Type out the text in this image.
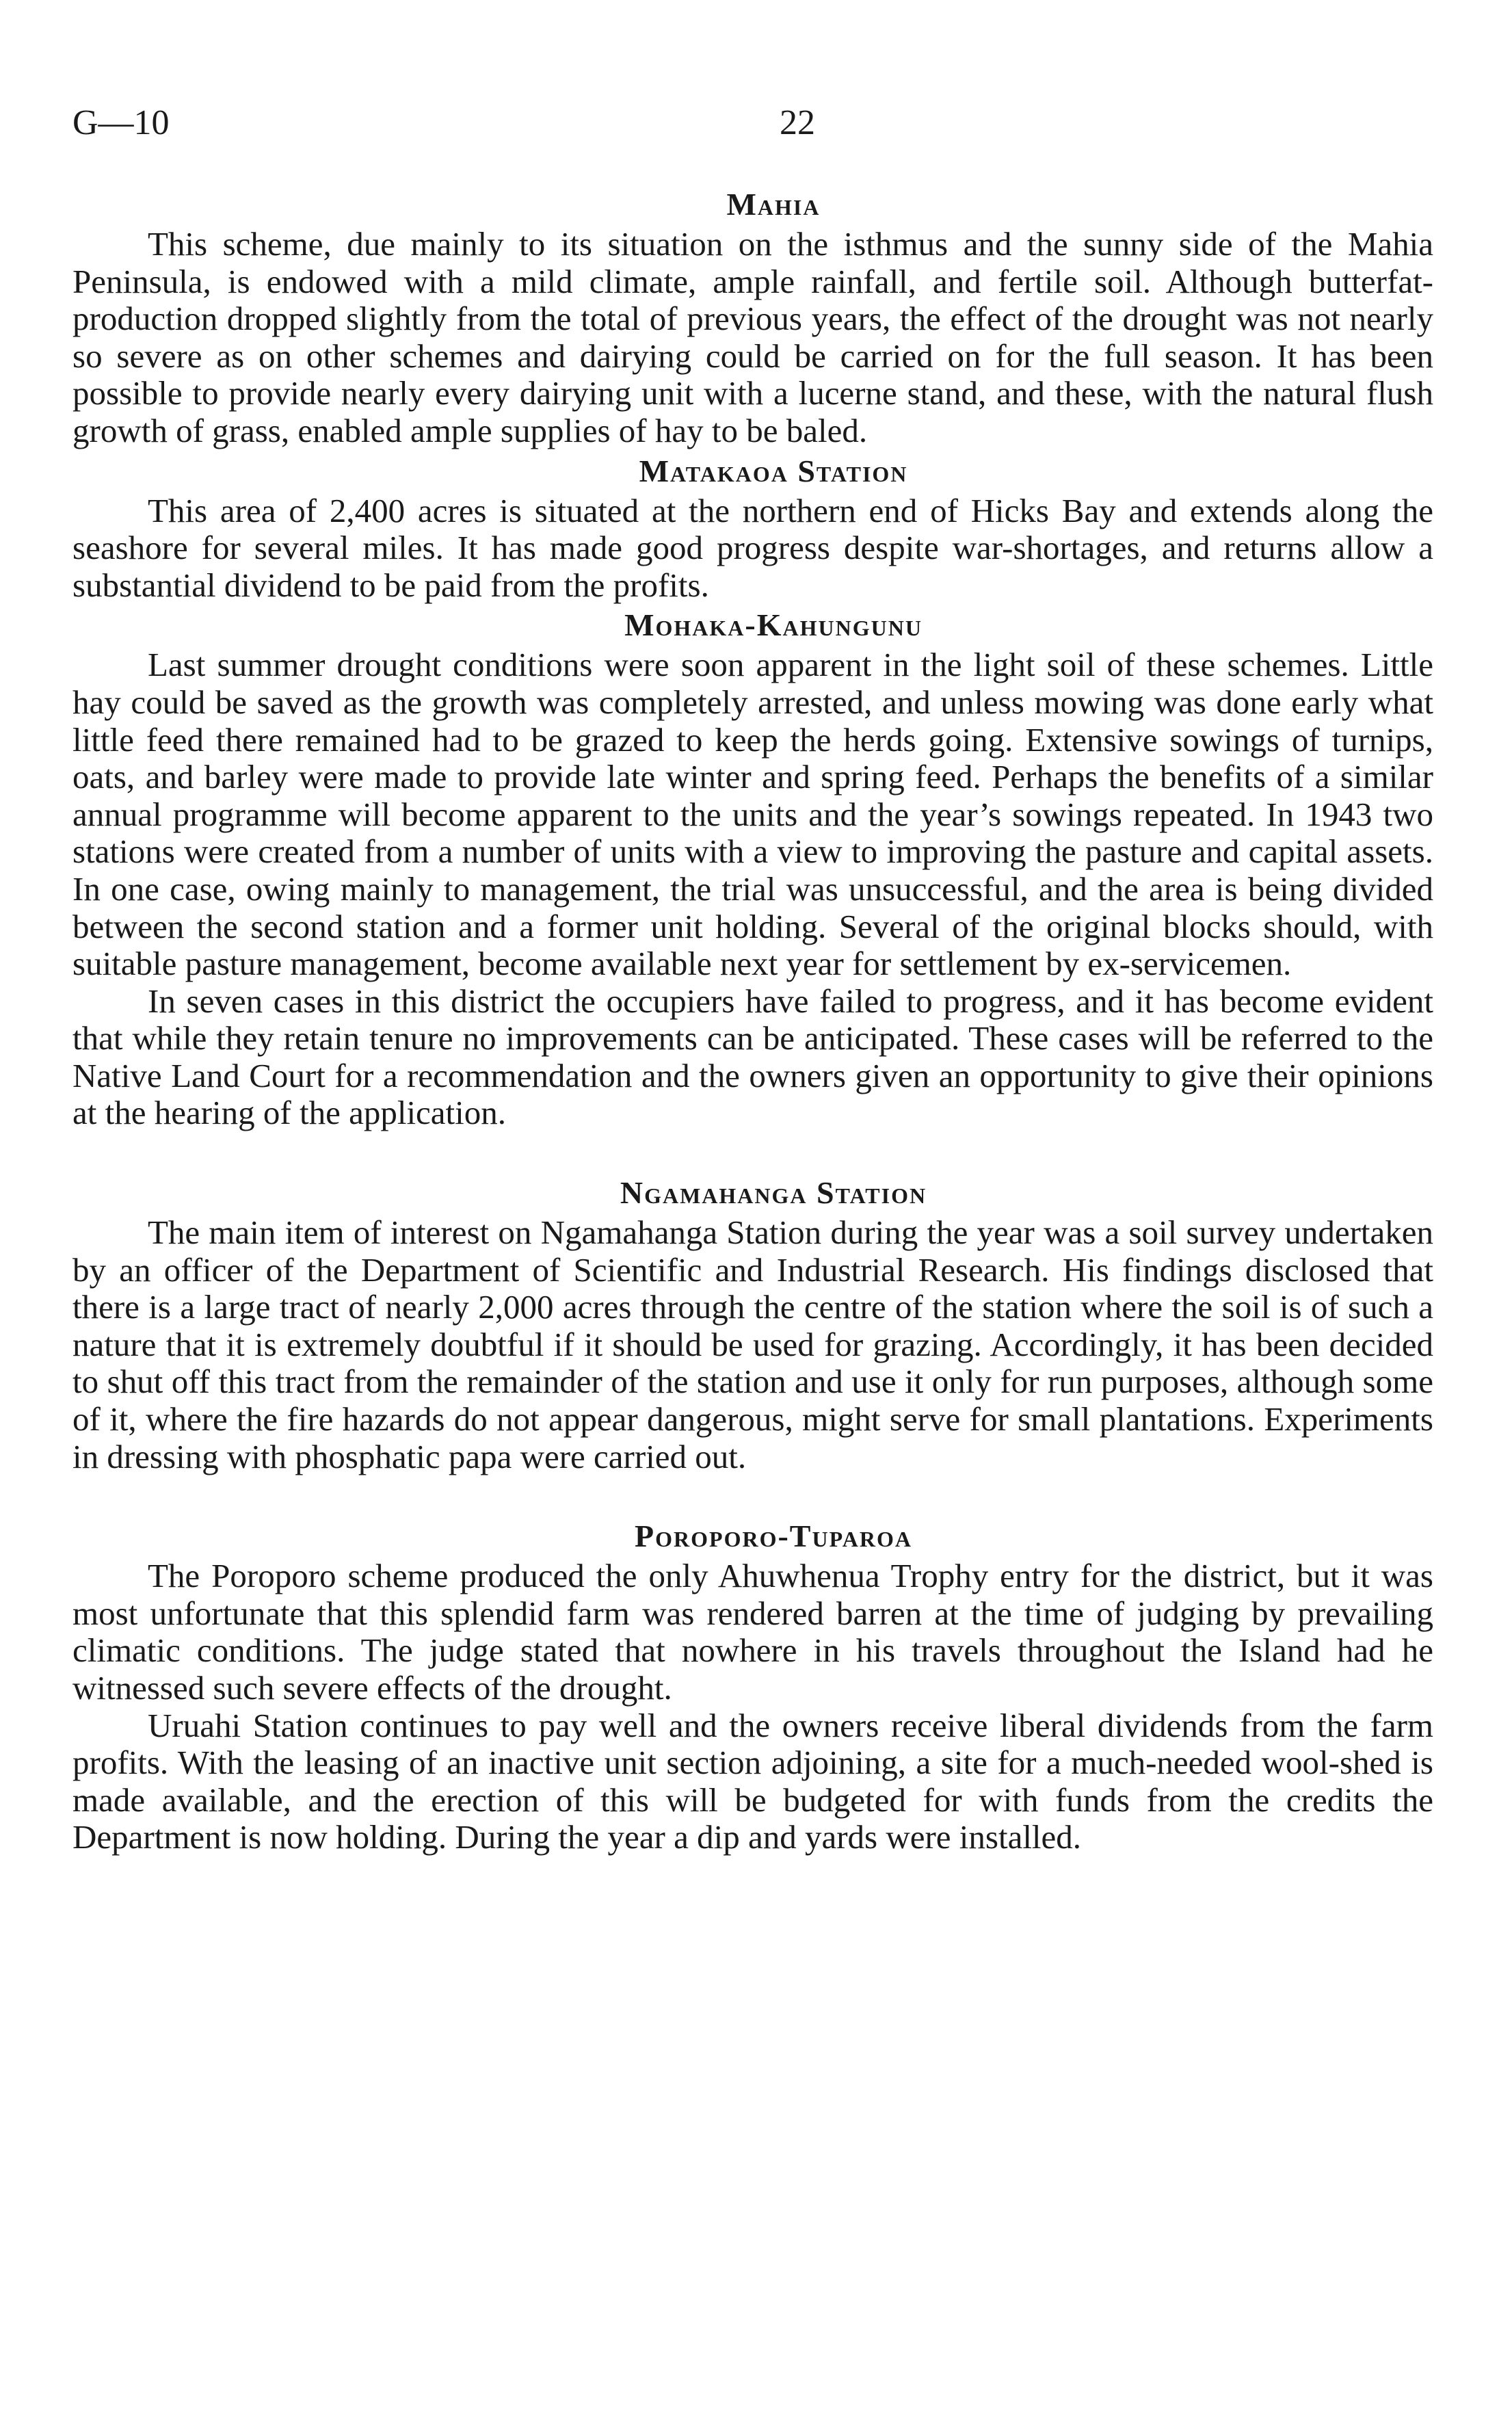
G—10	22
Mahia

This scheme, due mainly to its situation on the isthmus and the sunny side of the Mahia Peninsula, is endowed with a mild climate, ample rainfall, and fertile soil. Although butterfat-production dropped slightly from the total of previous years, the effect of the drought was not nearly so severe as on other schemes and dairying could be carried on for the full season. It has been possible to provide nearly every dairying unit with a lucerne stand, and these, with the natural flush growth of grass, enabled ample supplies of hay to be baled.

Matakaoa Station

This area of 2,400 acres is situated at the northern end of Hicks Bay and extends along the seashore for several miles. It has made good progress despite war-shortages, and returns allow a substantial dividend to be paid from the profits.

Mohaka-Kahungunu

Last summer drought conditions were soon apparent in the light soil of these schemes. Little hay could be saved as the growth was completely arrested, and unless mowing was done early what little feed there remained had to be grazed to keep the herds going. Extensive sowings of turnips, oats, and barley were made to provide late winter and spring feed. Perhaps the benefits of a similar annual programme will become apparent to the units and the year’s sowings repeated. In 1943 two stations were created from a number of units with a view to improving the pasture and capital assets. In one case, owing mainly to management, the trial was unsuccessful, and the area is being divided between the second station and a former unit holding. Several of the original blocks should, with suitable pasture management, become available next year for settlement by ex-servicemen.

In seven cases in this district the occupiers have failed to progress, and it has become evident that while they retain tenure no improvements can be anticipated. These cases will be referred to the Native Land Court for a recommendation and the owners given an opportunity to give their opinions at the hearing of the application.

Ngamahanga Station

The main item of interest on Ngamahanga Station during the year was a soil survey undertaken by an officer of the Department of Scientific and Industrial Research. His findings disclosed that there is a large tract of nearly 2,000 acres through the centre of the station where the soil is of such a nature that it is extremely doubtful if it should be used for grazing. Accordingly, it has been decided to shut off this tract from the remainder of the station and use it only for run purposes, although some of it, where the fire hazards do not appear dangerous, might serve for small plantations. Experiments in dressing with phosphatic papa were carried out.

Poroporo-Tuparoa

The Poroporo scheme produced the only Ahuwhenua Trophy entry for the district, but it was most unfortunate that this splendid farm was rendered barren at the time of judging by prevailing climatic conditions. The judge stated that nowhere in his travels throughout the Island had he witnessed such severe effects of the drought.

Uruahi Station continues to pay well and the owners receive liberal dividends from the farm profits. With the leasing of an inactive unit section adjoining, a site for a much-needed wool-shed is made available, and the erection of this will be budgeted for with funds from the credits the Department is now holding. During the year a dip and yards were installed.
